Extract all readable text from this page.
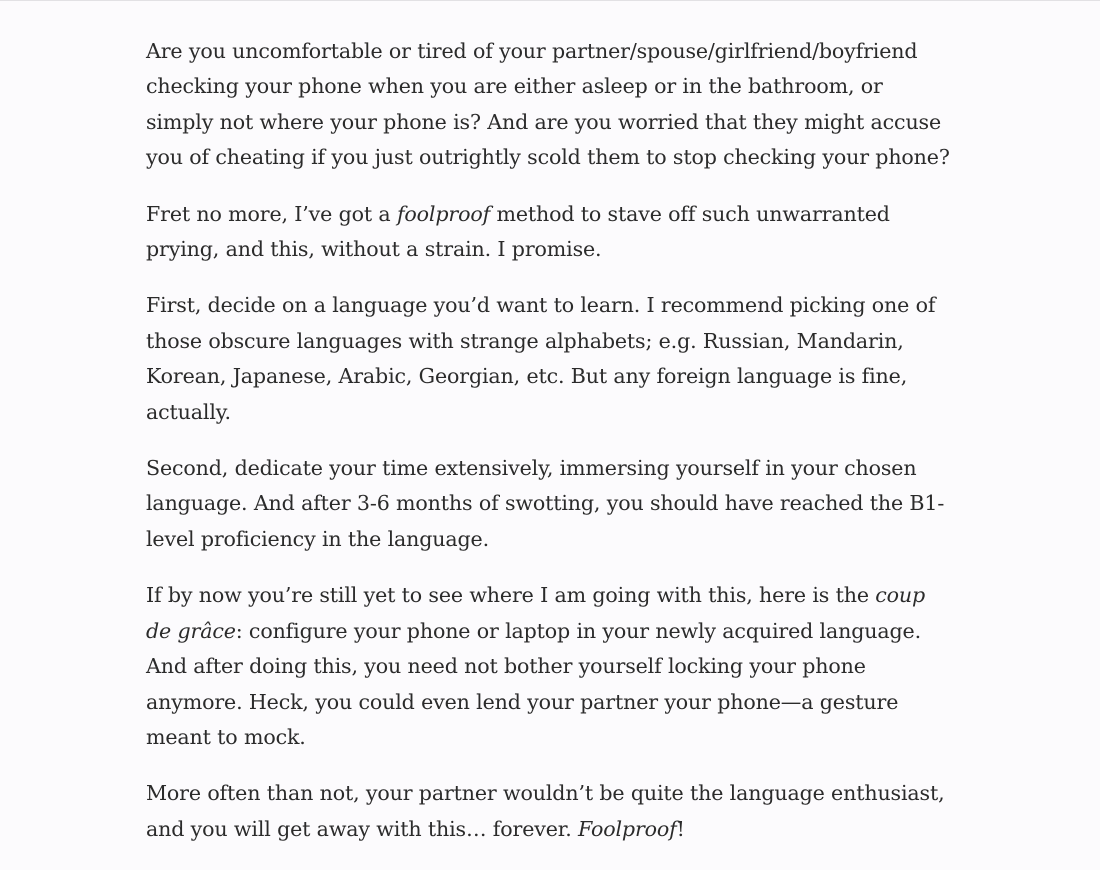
Are you uncomfortable or tired of your partner/spouse/girlfriend/boyfriend checking your phone when you are either asleep or in the bathroom, or simply not where your phone is? And are you worried that they might accuse you of cheating if you just outrightly scold them to stop checking your phone?

Fret no more, I’ve got a foolproof method to stave off such unwarranted prying, and this, without a strain. I promise.

First, decide on a language you’d want to learn. I recommend picking one of those obscure languages with strange alphabets; e.g. Russian, Mandarin, Korean, Japanese, Arabic, Georgian, etc. But any foreign language is fine, actually.

Second, dedicate your time extensively, immersing yourself in your chosen language. And after 3-6 months of swotting, you should have reached the B1-level proficiency in the language.

If by now you’re still yet to see where I am going with this, here is the coup de grâce: configure your phone or laptop in your newly acquired language. And after doing this, you need not bother yourself locking your phone anymore. Heck, you could even lend your partner your phone—a gesture meant to mock.

More often than not, your partner wouldn’t be quite the language enthusiast, and you will get away with this… forever. Foolproof!
